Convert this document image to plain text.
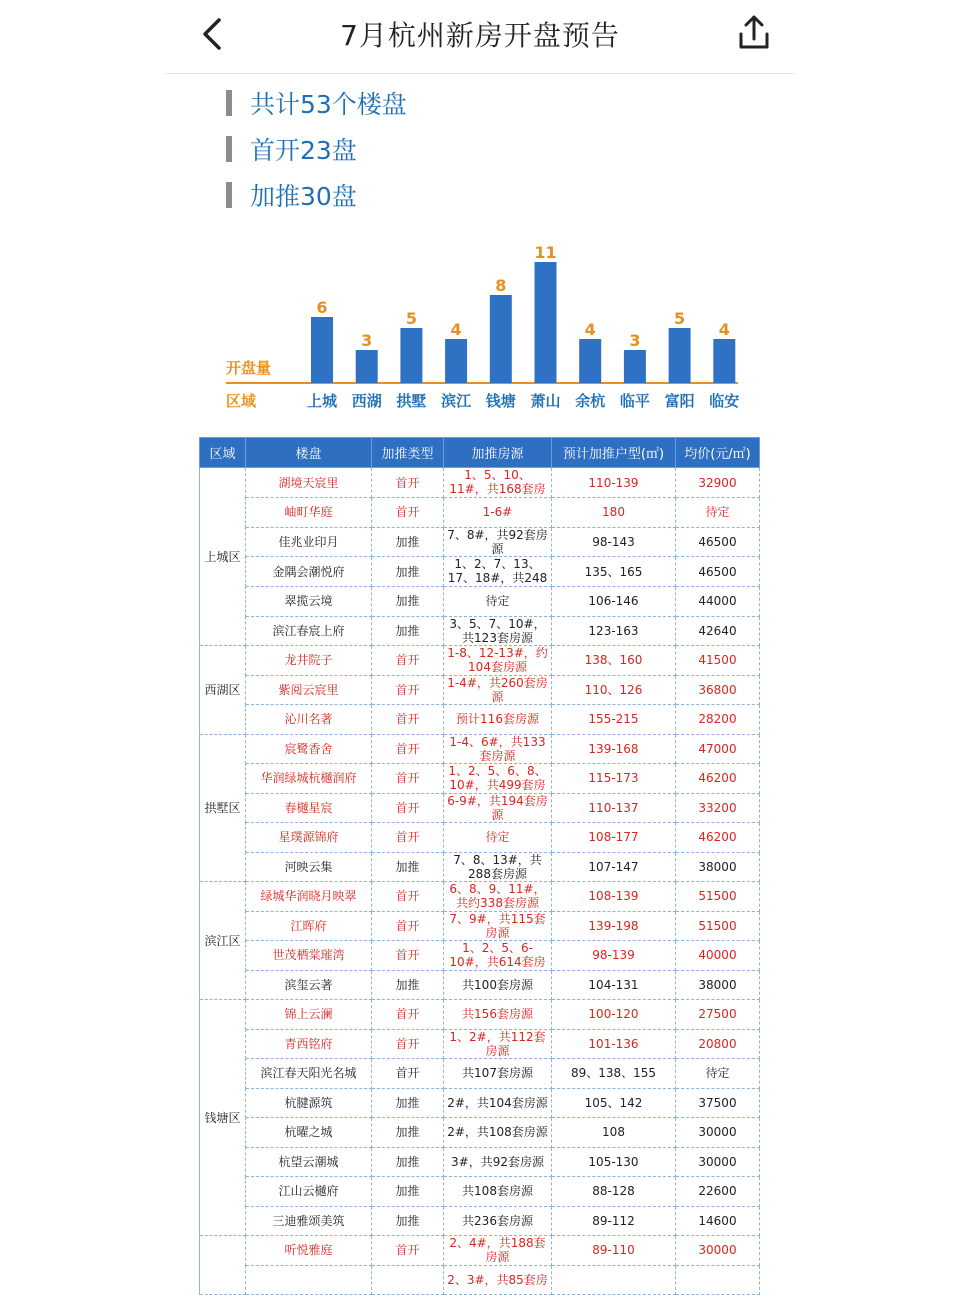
7月杭州新房开盘预告
共计53个楼盘
首开23盘
加推30盘
开盘量
区域
6
上城
3
西湖
5
拱墅
4
滨江
8
钱塘
11
萧山
4
余杭
3
临平
5
富阳
4
临安
区域	楼盘	加推类型	加推房源	预计加推户型(㎡)	均价(元/㎡)
上城区	湖境天宸里	首开	1、5、10、11#，共168套房	110-139	32900

	岫町华庭	首开	1-6#	180	待定

	佳兆业印月	加推	7、8#，共92套房源	98-143	46500

	金隅会潮悦府	加推	1、2、7、13、17、18#，共248	135、165	46500

	翠揽云境	加推	待定	106-146	44000

	滨江春宸上府	加推	3、5、7、10#，共123套房源	123-163	42640

西湖区	龙井院子	首开	1-8、12-13#，约104套房源	138、160	41500

	紫阅云宸里	首开	1-4#，共260套房源	110、126	36800

	沁川名著	首开	预计116套房源	155-215	28200

拱墅区	宸鹭香舍	首开	1-4、6#，共133套房源	139-168	47000

	华润绿城杭樾润府	首开	1、2、5、6、8、10#，共499套房	115-173	46200

	春樾星宸	首开	6-9#，共194套房源	110-137	33200

	星璞源锦府	首开	待定	108-177	46200

	河映云集	加推	7、8、13#，共288套房源	107-147	38000

滨江区	绿城华润晓月映翠	首开	6、8、9、11#，共约338套房源	108-139	51500

	江晖府	首开	7、9#，共115套房源	139-198	51500

	世茂栖棠璀湾	首开	1、2、5、6-10#，共614套房	98-139	40000

	滨玺云著	加推	共100套房源	104-131	38000

钱塘区	锦上云澜	首开	共156套房源	100-120	27500

	青西铭府	首开	1、2#，共112套房源	101-136	20800

	滨江春天阳光名城	首开	共107套房源	89、138、155	待定

	杭腱源筑	加推	2#，共104套房源	105、142	37500

	杭曜之城	加推	2#，共108套房源	108	30000

	杭望云潮城	加推	3#，共92套房源	105-130	30000

	江山云樾府	加推	共108套房源	88-128	22600

	三迪雅颂美筑	加推	共236套房源	89-112	14600

	听悦雅庭	首开	2、4#，共188套房源	89-110	30000

			2、3#，共85套房		
